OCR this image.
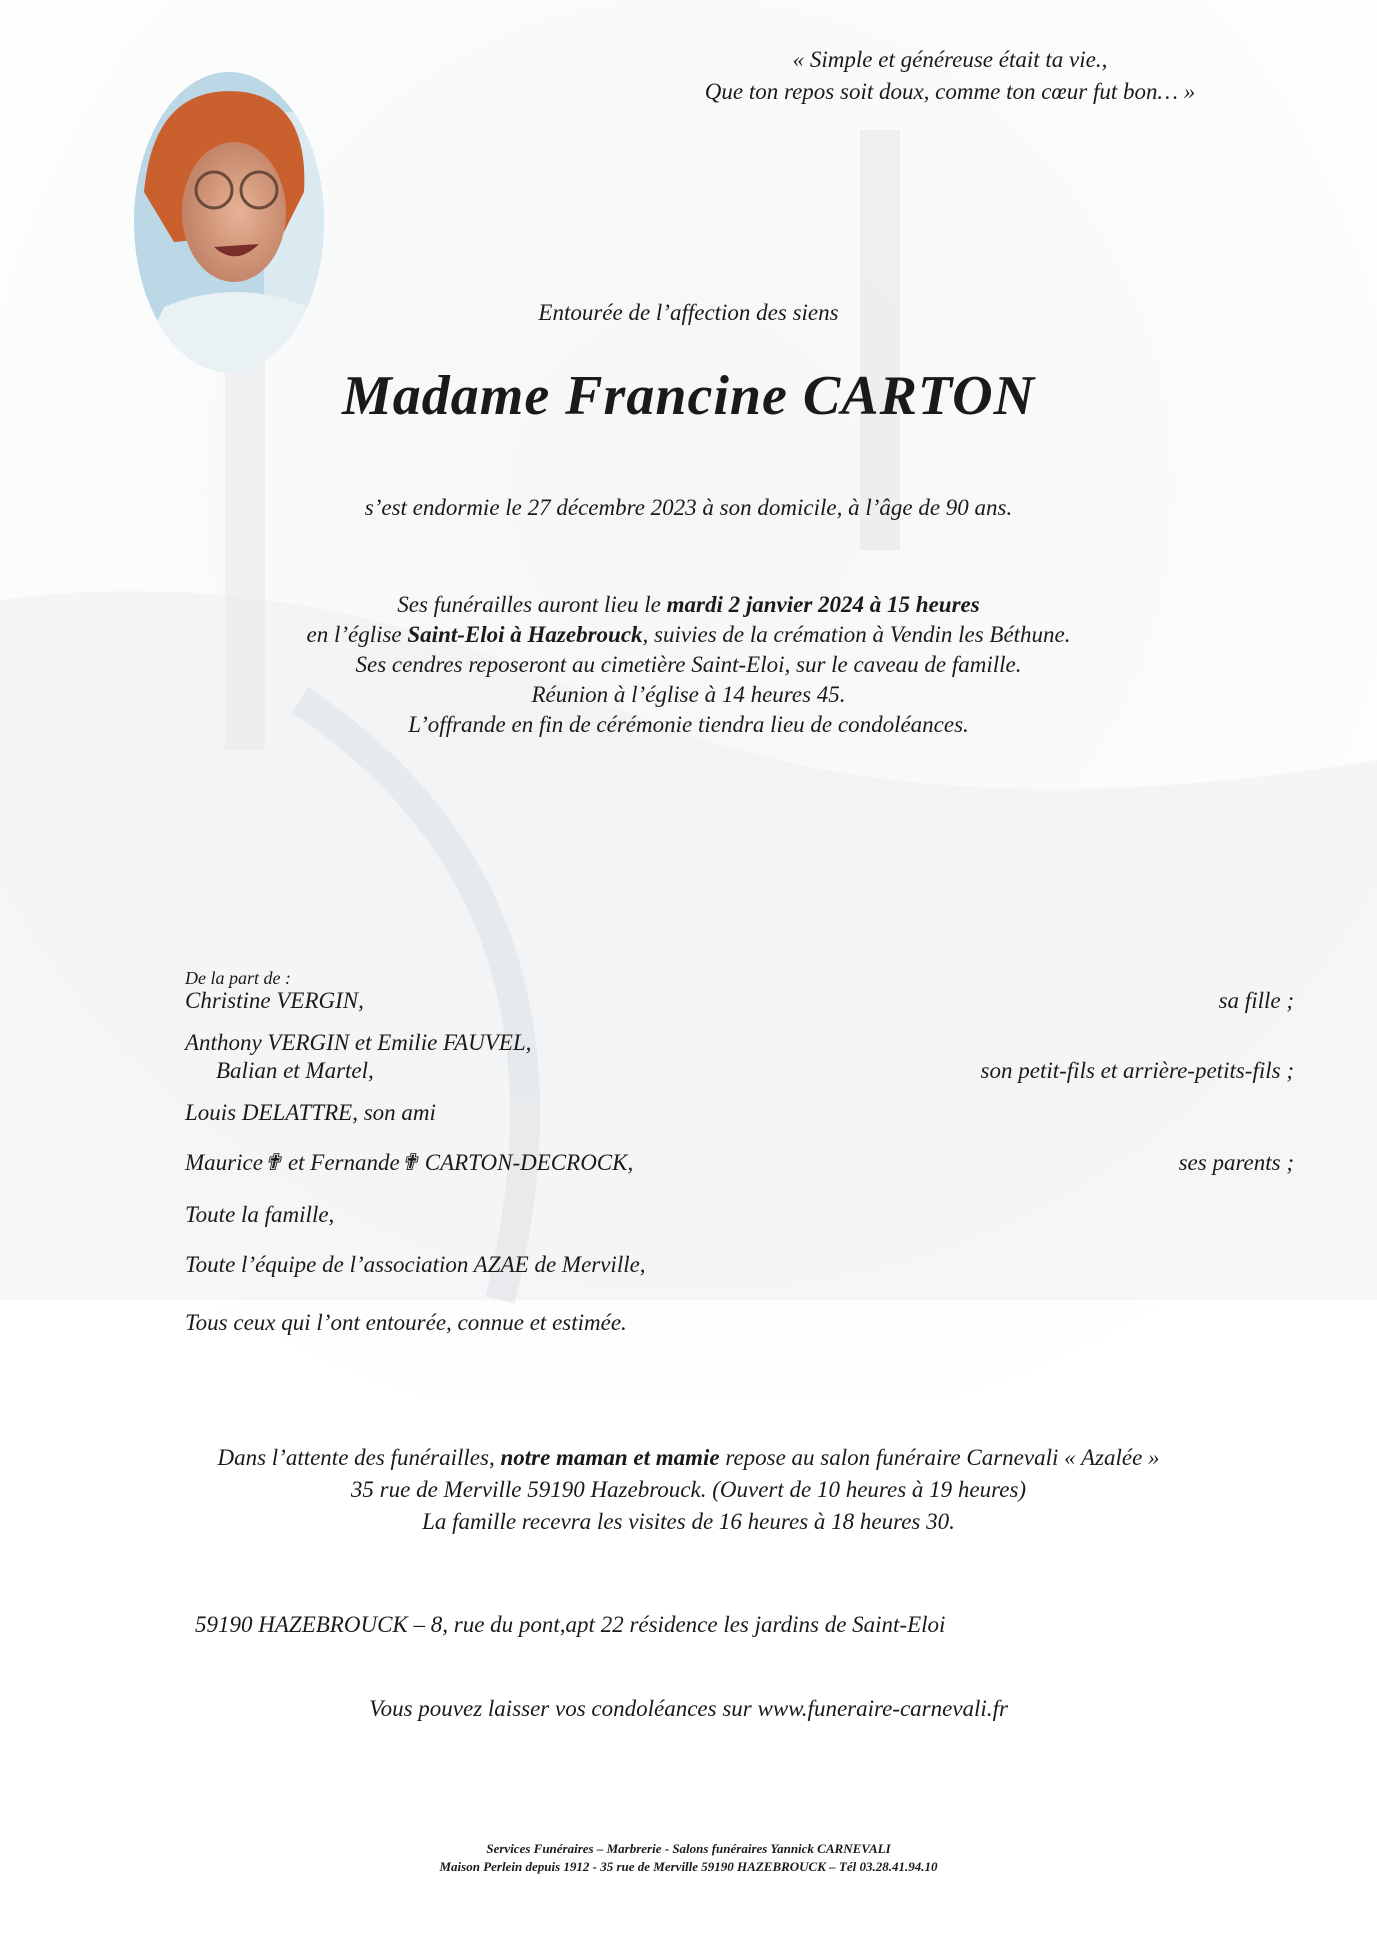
« Simple et généreuse était ta vie.,
Que ton repos soit doux, comme ton cœur fut bon… »
Entourée de l’affection des siens
Madame Francine CARTON
s’est endormie le 27 décembre 2023 à son domicile, à l’âge de 90 ans.

Ses funérailles auront lieu le mardi 2 janvier 2024 à 15 heures

en l’église Saint-Eloi à Hazebrouck, suivies de la crémation à Vendin les Béthune.

Ses cendres reposeront au cimetière Saint-Eloi, sur le caveau de famille.

Réunion à l’église à 14 heures 45.

L’offrande en fin de cérémonie tiendra lieu de condoléances.

De la part de :
Christine VERGIN,	sa fille ;
Anthony VERGIN et Emilie FAUVEL,
Balian et Martel,	son petit-fils et arrière-petits-fils ;
Louis DELATTRE, son ami
Maurice✟ et Fernande✟ CARTON-DECROCK,	ses parents ;
Toute la famille,
Toute l’équipe de l’association AZAE de Merville,
Tous ceux qui l’ont entourée, connue et estimée.

Dans l’attente des funérailles, notre maman et mamie repose au salon funéraire Carnevali « Azalée »

35 rue de Merville 59190 Hazebrouck. (Ouvert de 10 heures à 19 heures)

La famille recevra les visites de 16 heures à 18 heures 30.

59190 HAZEBROUCK – 8, rue du pont,apt 22 résidence les jardins de Saint-Eloi
Vous pouvez laisser vos condoléances sur www.funeraire-carnevali.fr

Services Funéraires – Marbrerie - Salons funéraires Yannick CARNEVALI

Maison Perlein depuis 1912 - 35 rue de Merville 59190 HAZEBROUCK – Tél 03.28.41.94.10
